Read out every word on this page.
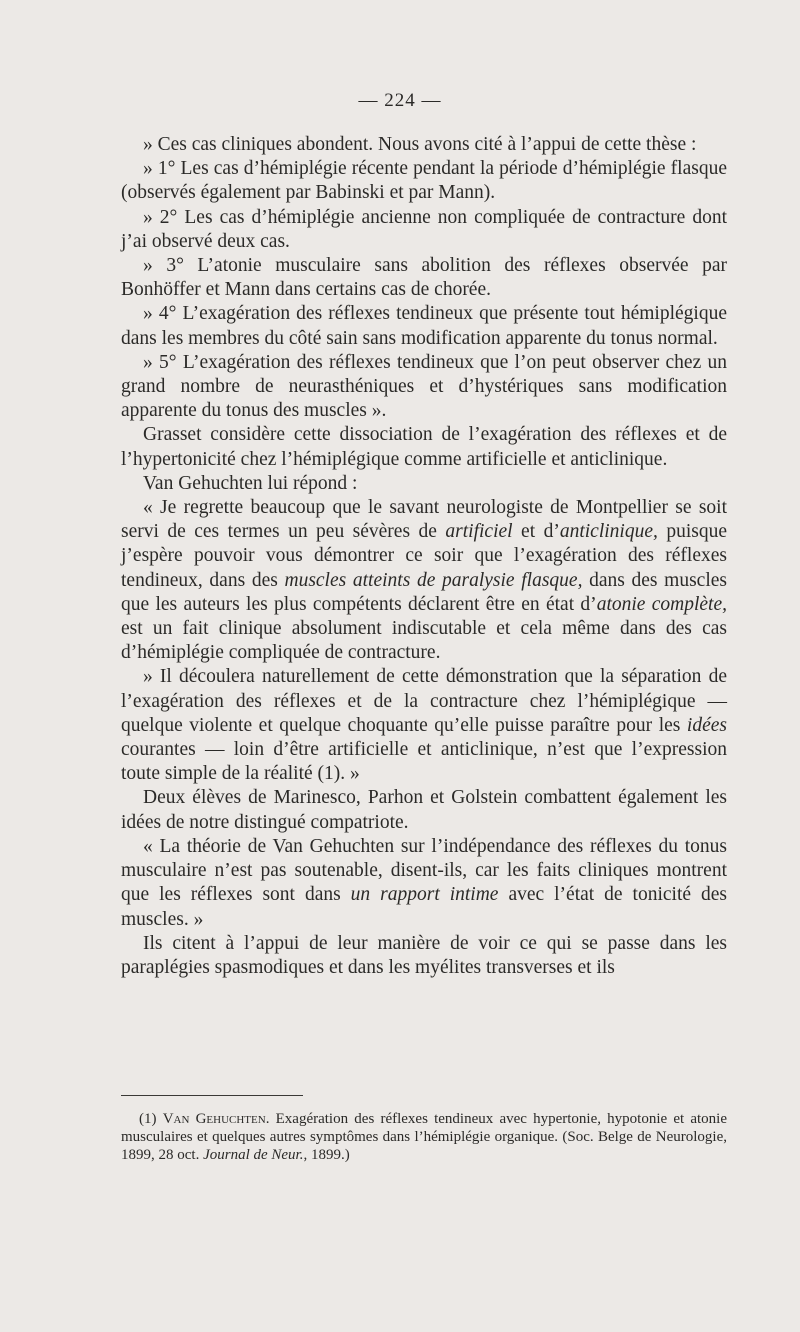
— 224 —

» Ces cas cliniques abondent. Nous avons cité à l’appui de cette thèse :

» 1° Les cas d’hémiplégie récente pendant la période d’hémiplégie flasque (observés également par Babinski et par Mann).

» 2° Les cas d’hémiplégie ancienne non compliquée de contracture dont j’ai observé deux cas.

» 3° L’atonie musculaire sans abolition des réflexes observée par Bonhöffer et Mann dans certains cas de chorée.

» 4° L’exagération des réflexes tendineux que présente tout hémiplégique dans les membres du côté sain sans modification apparente du tonus normal.

» 5° L’exagération des réflexes tendineux que l’on peut observer chez un grand nombre de neurasthéniques et d’hystériques sans modification apparente du tonus des muscles ».

Grasset considère cette dissociation de l’exagération des réflexes et de l’hypertonicité chez l’hémiplégique comme artificielle et anticlinique.

Van Gehuchten lui répond :

« Je regrette beaucoup que le savant neurologiste de Montpellier se soit servi de ces termes un peu sévères de artificiel et d’anticlinique, puisque j’espère pouvoir vous démontrer ce soir que l’exagération des réflexes tendineux, dans des muscles atteints de paralysie flasque, dans des muscles que les auteurs les plus compétents déclarent être en état d’atonie complète, est un fait clinique absolument indiscutable et cela même dans des cas d’hémiplégie compliquée de contracture.

» Il découlera naturellement de cette démonstration que la séparation de l’exagération des réflexes et de la contracture chez l’hémiplégique — quelque violente et quelque choquante qu’elle puisse paraître pour les idées courantes — loin d’être artificielle et anticlinique, n’est que l’expression toute simple de la réalité (1). »

Deux élèves de Marinesco, Parhon et Golstein combattent également les idées de notre distingué compatriote.

« La théorie de Van Gehuchten sur l’indépendance des réflexes du tonus musculaire n’est pas soutenable, disent-ils, car les faits cliniques montrent que les réflexes sont dans un rapport intime avec l’état de tonicité des muscles. »

Ils citent à l’appui de leur manière de voir ce qui se passe dans les paraplégies spasmodiques et dans les myélites transverses et ils

(1) Van Gehuchten. Exagération des réflexes tendineux avec hypertonie, hypotonie et atonie musculaires et quelques autres symptômes dans l’hémiplégie organique. (Soc. Belge de Neurologie, 1899, 28 oct. Journal de Neur., 1899.)
